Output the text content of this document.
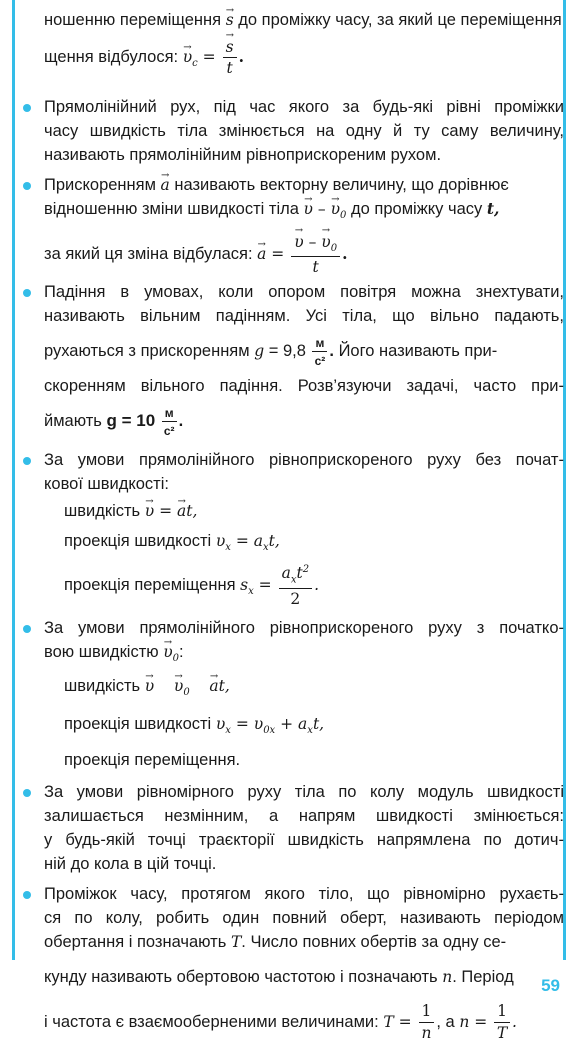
ношенню переміщення → s до проміжку часу, за який це переміщення
щення відбулося: → $\upsilon_с$ =
→ $\frac{s}{t}$ .
Прямолінійний рух, під час якого за будь-які рівні проміжки
часу швидкість тіла змінюється на одну й ту саму величину,
називають прямолінійним рівноприскореним рухом.
Прискоренням → a називають векторну величину, що дорівнює
відношенню зміни швидкості тіла → υ – → $\upsilon_0$ до проміжку часу t,
за який ця зміна відбулася: → a =
→ $\frac{\upsilon - \to \upsilon_0}{t}$ .
Падіння в умовах, коли опором повітря можна знехтувати,
називають вільним падінням. Усі тіла, що вільно падають,
рухаються з прискоренням $g = 9,8 \frac{м}{\text{с²}}$ . Його називають при-
скоренням вільного падіння. Розв’язуючи задачі, часто при-
ймають $g = 10 \frac{м}{\text{с²}}$ .
За умови прямолінійного рівноприскореного руху без почат-
кової швидкості:
швидкість → υ = → at,
проекція швидкості $\upsilon_x = a_xt$,
проекція переміщення $s_x = \frac{a_xt^2}{2}$ .
За умови прямолінійного рівноприскореного руху з початко-
вою швидкістю → $\upsilon_0$:
швидкість → υ    → $\upsilon_0$    → at,
проекція швидкості $\upsilon_x = \upsilon_{0x} + a_xt$,
проекція переміщення.
За умови рівномірного руху тіла по колу модуль швидкості
залишається незмінним, а напрям швидкості змінюється:
у будь-якій точці траєкторії швидкість напрямлена по дотич-
ній до кола в цій точці.
Проміжок часу, протягом якого тіло, що рівномірно рухаєть-
ся по колу, робить один повний оберт, називають періодом
обертання і позначають T. Число повних обертів за одну се-
кунду називають обертовою частотою і позначають n. Період
і частота є взаємооберненими величинами: $T = \frac{1}{n}$ , а $n = \frac{1}{T}$ .
59
